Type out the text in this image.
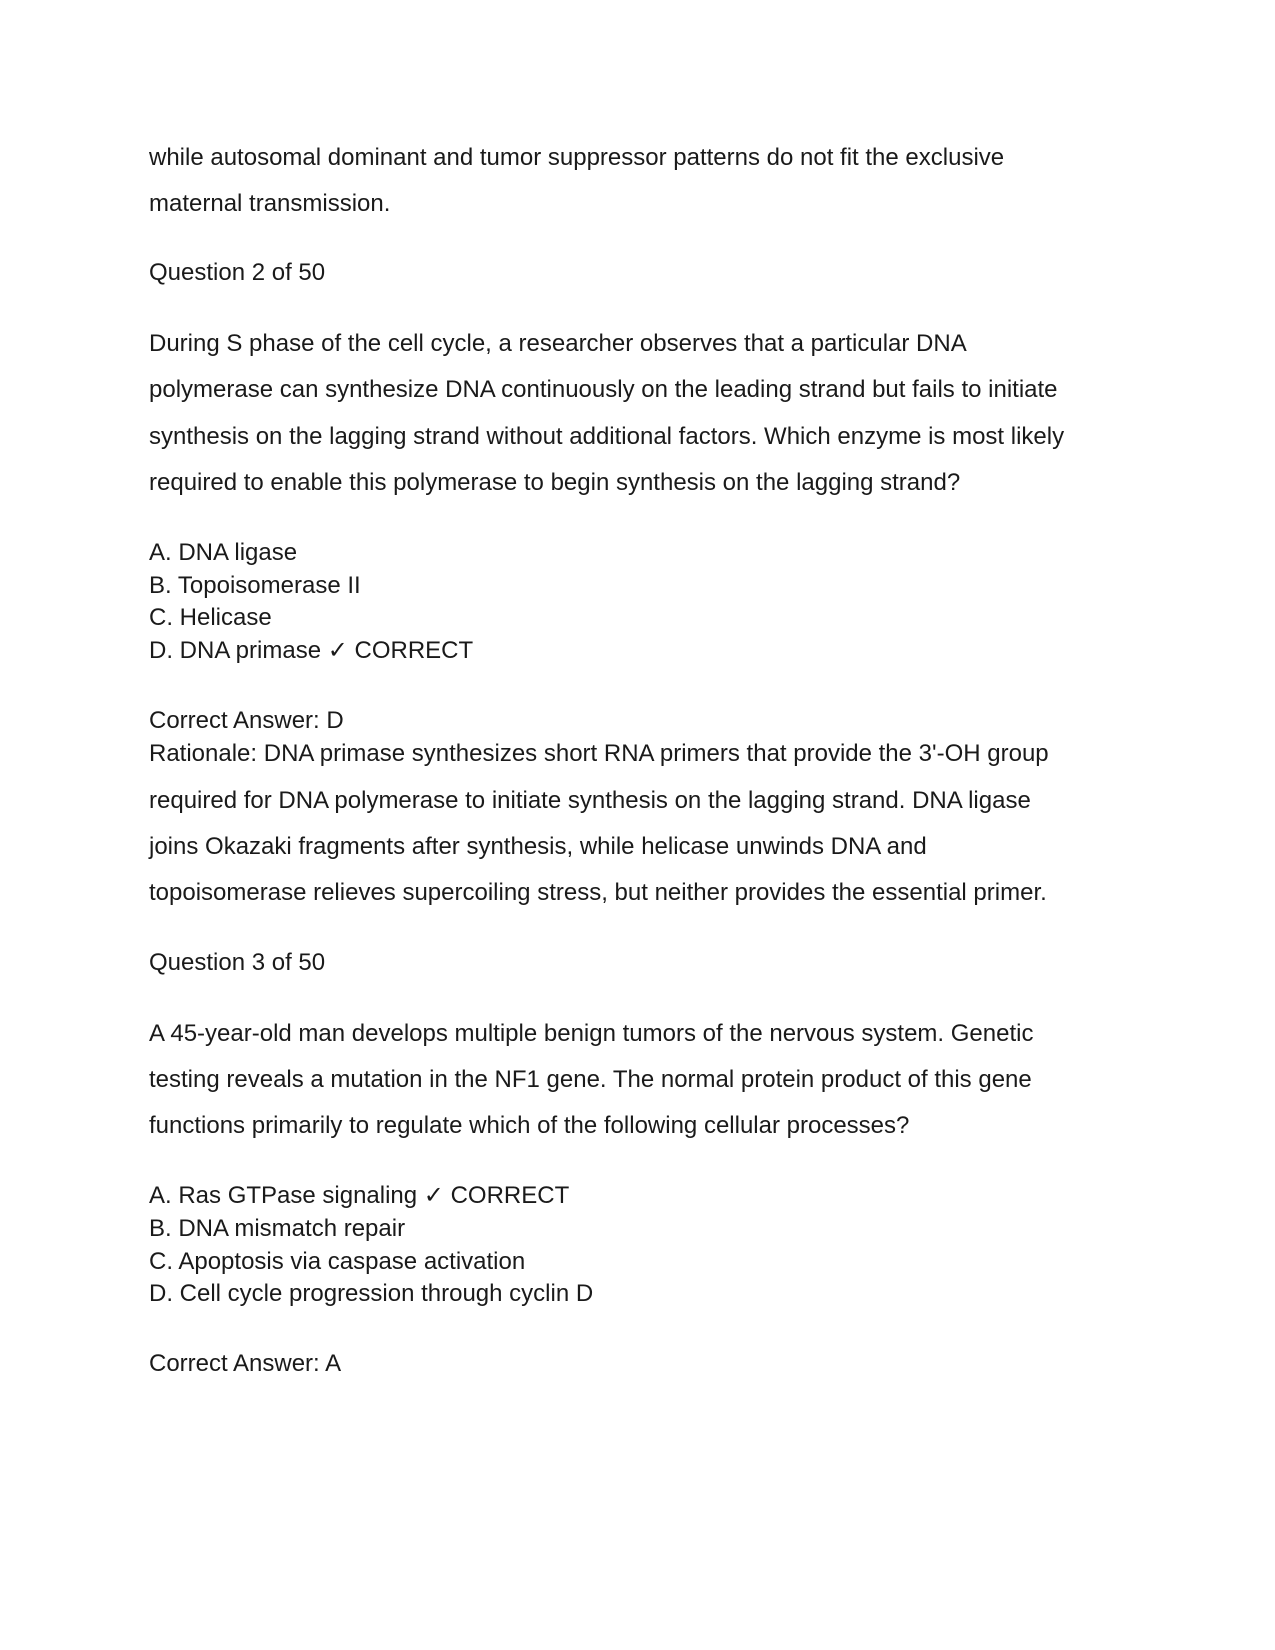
while autosomal dominant and tumor suppressor patterns do not fit the exclusive

maternal transmission.

Question 2 of 50

During S phase of the cell cycle, a researcher observes that a particular DNA

polymerase can synthesize DNA continuously on the leading strand but fails to initiate

synthesis on the lagging strand without additional factors. Which enzyme is most likely

required to enable this polymerase to begin synthesis on the lagging strand?

A. DNA ligase

B. Topoisomerase II

C. Helicase

D. DNA primase ✓ CORRECT

Correct Answer: D

Rationale: DNA primase synthesizes short RNA primers that provide the 3'-OH group

required for DNA polymerase to initiate synthesis on the lagging strand. DNA ligase

joins Okazaki fragments after synthesis, while helicase unwinds DNA and

topoisomerase relieves supercoiling stress, but neither provides the essential primer.

Question 3 of 50

A 45-year-old man develops multiple benign tumors of the nervous system. Genetic

testing reveals a mutation in the NF1 gene. The normal protein product of this gene

functions primarily to regulate which of the following cellular processes?

A. Ras GTPase signaling ✓ CORRECT

B. DNA mismatch repair

C. Apoptosis via caspase activation

D. Cell cycle progression through cyclin D

Correct Answer: A
